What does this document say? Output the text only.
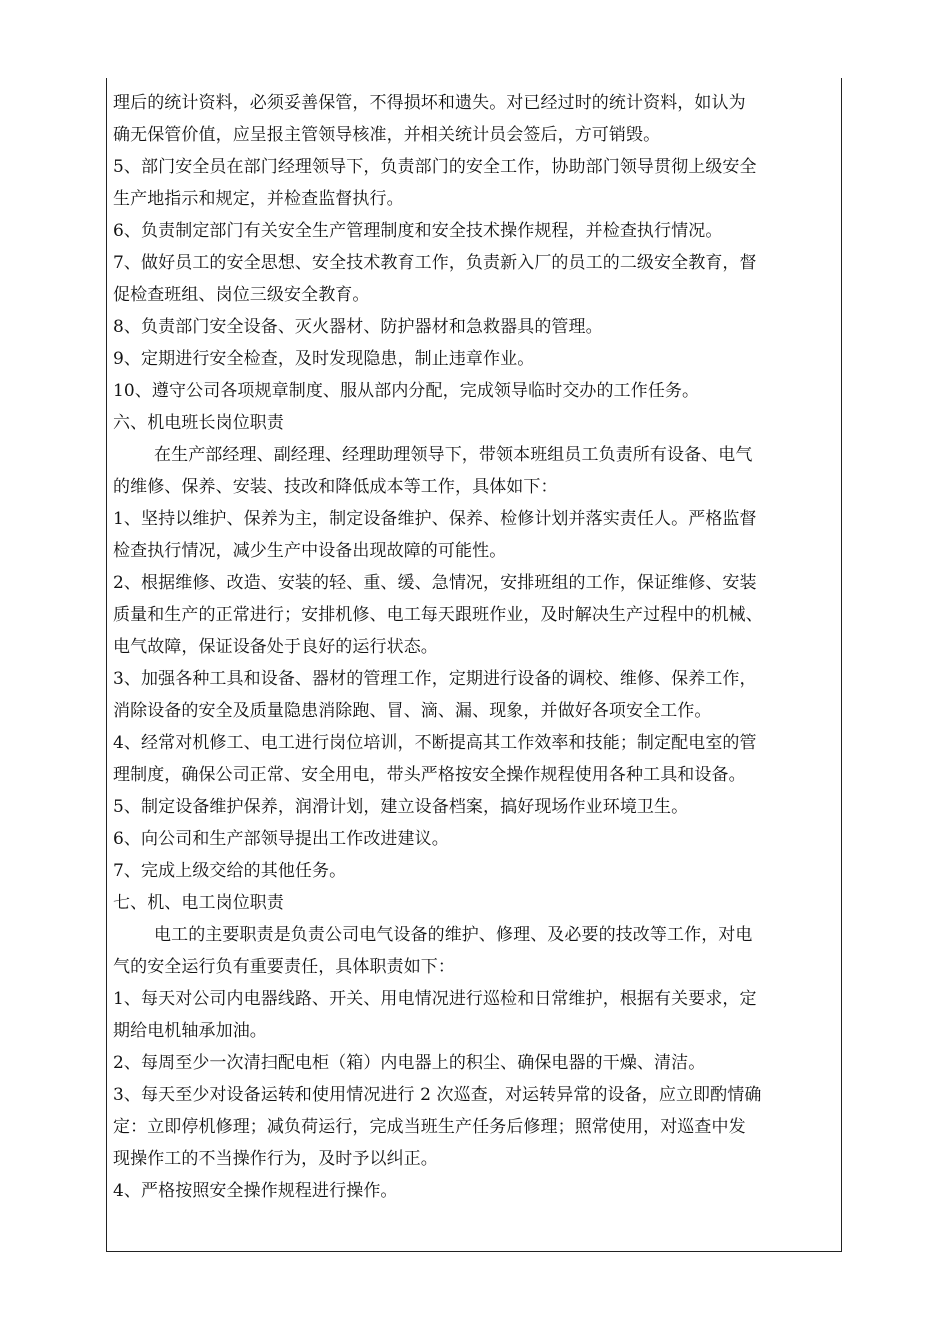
理后的统计资料，必须妥善保管，不得损坏和遗失。对已经过时的统计资料，如认为
确无保管价值，应呈报主管领导核准，并相关统计员会签后，方可销毁。
5、部门安全员在部门经理领导下，负责部门的安全工作，协助部门领导贯彻上级安全
生产地指示和规定，并检查监督执行。
6、负责制定部门有关安全生产管理制度和安全技术操作规程，并检查执行情况。
7、做好员工的安全思想、安全技术教育工作，负责新入厂的员工的二级安全教育，督
促检查班组、岗位三级安全教育。
8、负责部门安全设备、灭火器材、防护器材和急救器具的管理。
9、定期进行安全检查，及时发现隐患，制止违章作业。
10、遵守公司各项规章制度、服从部内分配，完成领导临时交办的工作任务。
六、机电班长岗位职责
在生产部经理、副经理、经理助理领导下，带领本班组员工负责所有设备、电气
的维修、保养、安装、技改和降低成本等工作，具体如下：
1、坚持以维护、保养为主，制定设备维护、保养、检修计划并落实责任人。严格监督
检查执行情况，减少生产中设备出现故障的可能性。
2、根据维修、改造、安装的轻、重、缓、急情况，安排班组的工作，保证维修、安装
质量和生产的正常进行；安排机修、电工每天跟班作业，及时解决生产过程中的机械、
电气故障，保证设备处于良好的运行状态。
3、加强各种工具和设备、器材的管理工作，定期进行设备的调校、维修、保养工作，
消除设备的安全及质量隐患消除跑、冒、滴、漏、现象，并做好各项安全工作。
4、经常对机修工、电工进行岗位培训，不断提高其工作效率和技能；制定配电室的管
理制度，确保公司正常、安全用电，带头严格按安全操作规程使用各种工具和设备。
5、制定设备维护保养，润滑计划，建立设备档案，搞好现场作业环境卫生。
6、向公司和生产部领导提出工作改进建议。
7、完成上级交给的其他任务。
七、机、电工岗位职责
电工的主要职责是负责公司电气设备的维护、修理、及必要的技改等工作，对电
气的安全运行负有重要责任，具体职责如下：
1、每天对公司内电器线路、开关、用电情况进行巡检和日常维护，根据有关要求，定
期给电机轴承加油。
2、每周至少一次清扫配电柜（箱）内电器上的积尘、确保电器的干燥、清洁。
3、每天至少对设备运转和使用情况进行 2 次巡查，对运转异常的设备，应立即酌情确
定：立即停机修理；减负荷运行，完成当班生产任务后修理；照常使用，对巡查中发
现操作工的不当操作行为，及时予以纠正。
4、严格按照安全操作规程进行操作。
